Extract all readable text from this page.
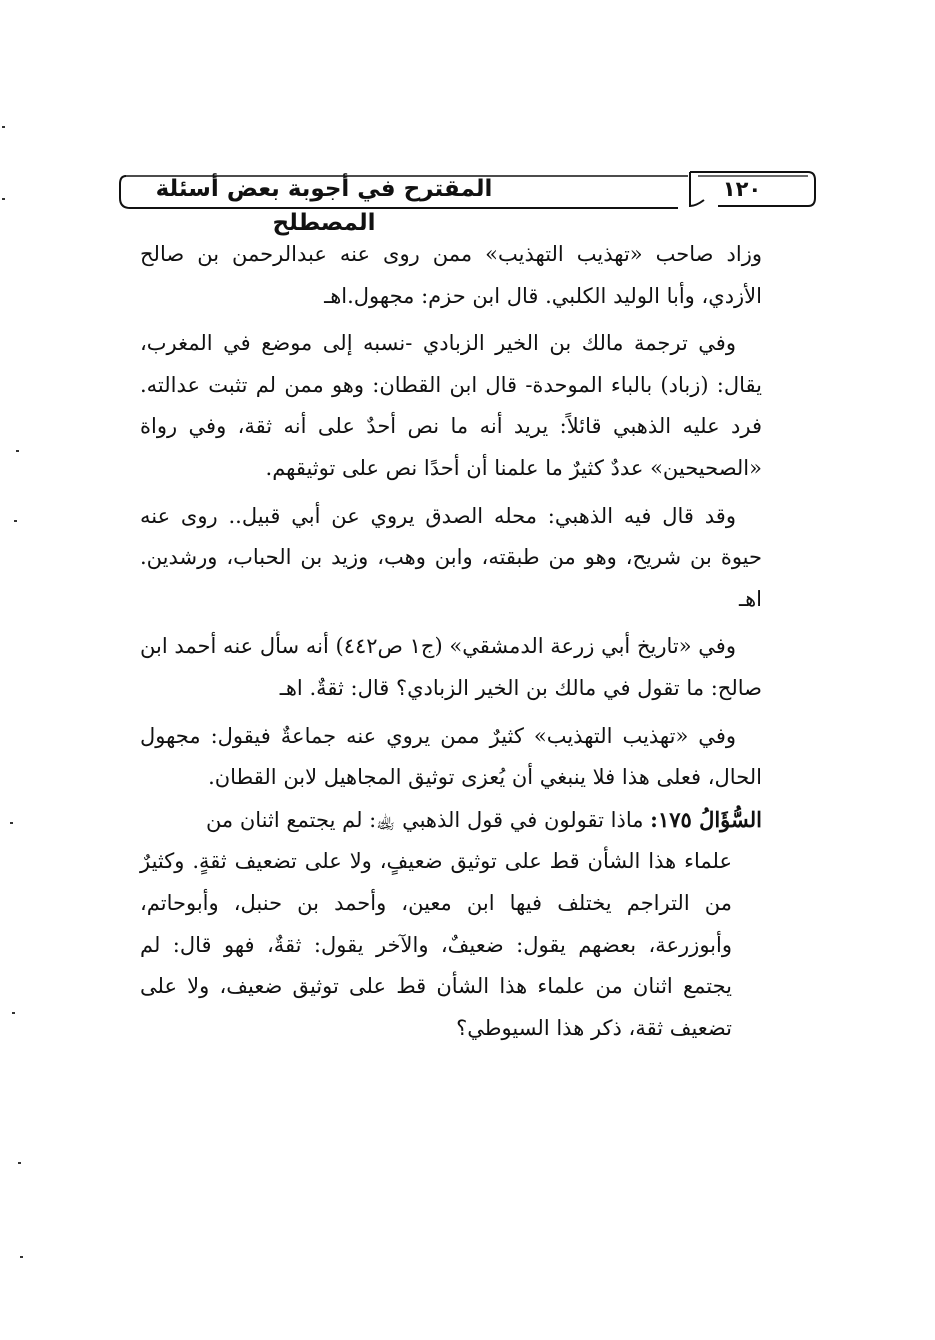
المقترح في أجوبة بعض أسئلة المصطلح
١٢٠

وزاد صاحب «تهذيب التهذيب» ممن روى عنه عبدالرحمن بن صالح الأزدي، وأبا الوليد الكلبي. قال ابن حزم: مجهول.اهـ

وفي ترجمة مالك بن الخير الزبادي -نسبه إلى موضع في المغرب، يقال: (زباد) بالباء الموحدة- قال ابن القطان: وهو ممن لم تثبت عدالته. فرد عليه الذهبي قائلاً: يريد أنه ما نص أحدٌ على أنه ثقة، وفي رواة «الصحيحين» عددٌ كثيرٌ ما علمنا أن أحدًا نص على توثيقهم.

وقد قال فيه الذهبي: محله الصدق يروي عن أبي قبيل.. روى عنه حيوة بن شريح، وهو من طبقته، وابن وهب، وزيد بن الحباب، ورشدين. اهـ

وفي «تاريخ أبي زرعة الدمشقي» (ج١ ص٤٤٢) أنه سأل عنه أحمد ابن صالح: ما تقول في مالك بن الخير الزبادي؟ قال: ثقةٌ. اهـ

وفي «تهذيب التهذيب» كثيرٌ ممن يروي عنه جماعةٌ فيقول: مجهول الحال، فعلى هذا فلا ينبغي أن يُعزى توثيق المجاهيل لابن القطان.

السُّؤَالُ ١٧٥: ماذا تقولون في قول الذهبي ﵀: لم يجتمع اثنان من

علماء هذا الشأن قط على توثيق ضعيفٍ، ولا على تضعيف ثقةٍ. وكثيرٌ من التراجم يختلف فيها ابن معين، وأحمد بن حنبل، وأبوحاتم، وأبوزرعة، بعضهم يقول: ضعيفٌ، والآخر يقول: ثقةٌ، فهو قال: لم يجتمع اثنان من علماء هذا الشأن قط على توثيق ضعيف، ولا على تضعيف ثقة، ذكر هذا السيوطي؟
